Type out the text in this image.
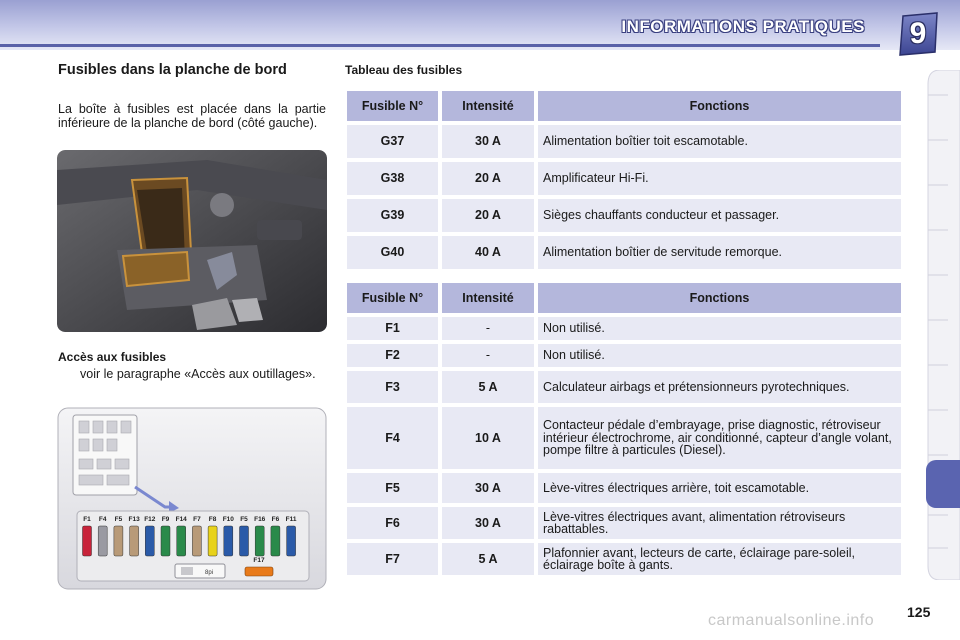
INFORMATIONS PRATIQUES	9
Fusibles dans la planche de bord
La boîte à fusibles est placée dans la partie inférieure de la planche de bord (côté gauche).
Accès aux fusibles
voir le paragraphe «Accès aux outillages».
F1 F4 F5 F13 F12 F9 F14 F7 F8 F10 F5 F16 F6 F11
8pi
F17
Tableau des fusibles
Fusible N°	Intensité	Fonctions
G37	30 A	Alimentation boîtier toit escamotable.
G38	20 A	Amplificateur Hi-Fi.
G39	20 A	Sièges chauffants conducteur et passager.
G40	40 A	Alimentation boîtier de servitude remorque.
Fusible N°	Intensité	Fonctions
F1	-	Non utilisé.
F2	-	Non utilisé.
F3	5 A	Calculateur airbags et prétensionneurs pyrotechniques.
F4	10 A	Contacteur pédale d’embrayage, prise diagnostic, rétroviseur intérieur électrochrome, air conditionné, capteur d’angle volant, pompe filtre à particules (Diesel).
F5	30 A	Lève-vitres électriques arrière, toit escamotable.
F6	30 A	Lève-vitres électriques avant, alimentation rétroviseurs rabattables.
F7	5 A	Plafonnier avant, lecteurs de carte, éclairage pare-soleil, éclairage boîte à gants.
125
carmanualsonline.info
